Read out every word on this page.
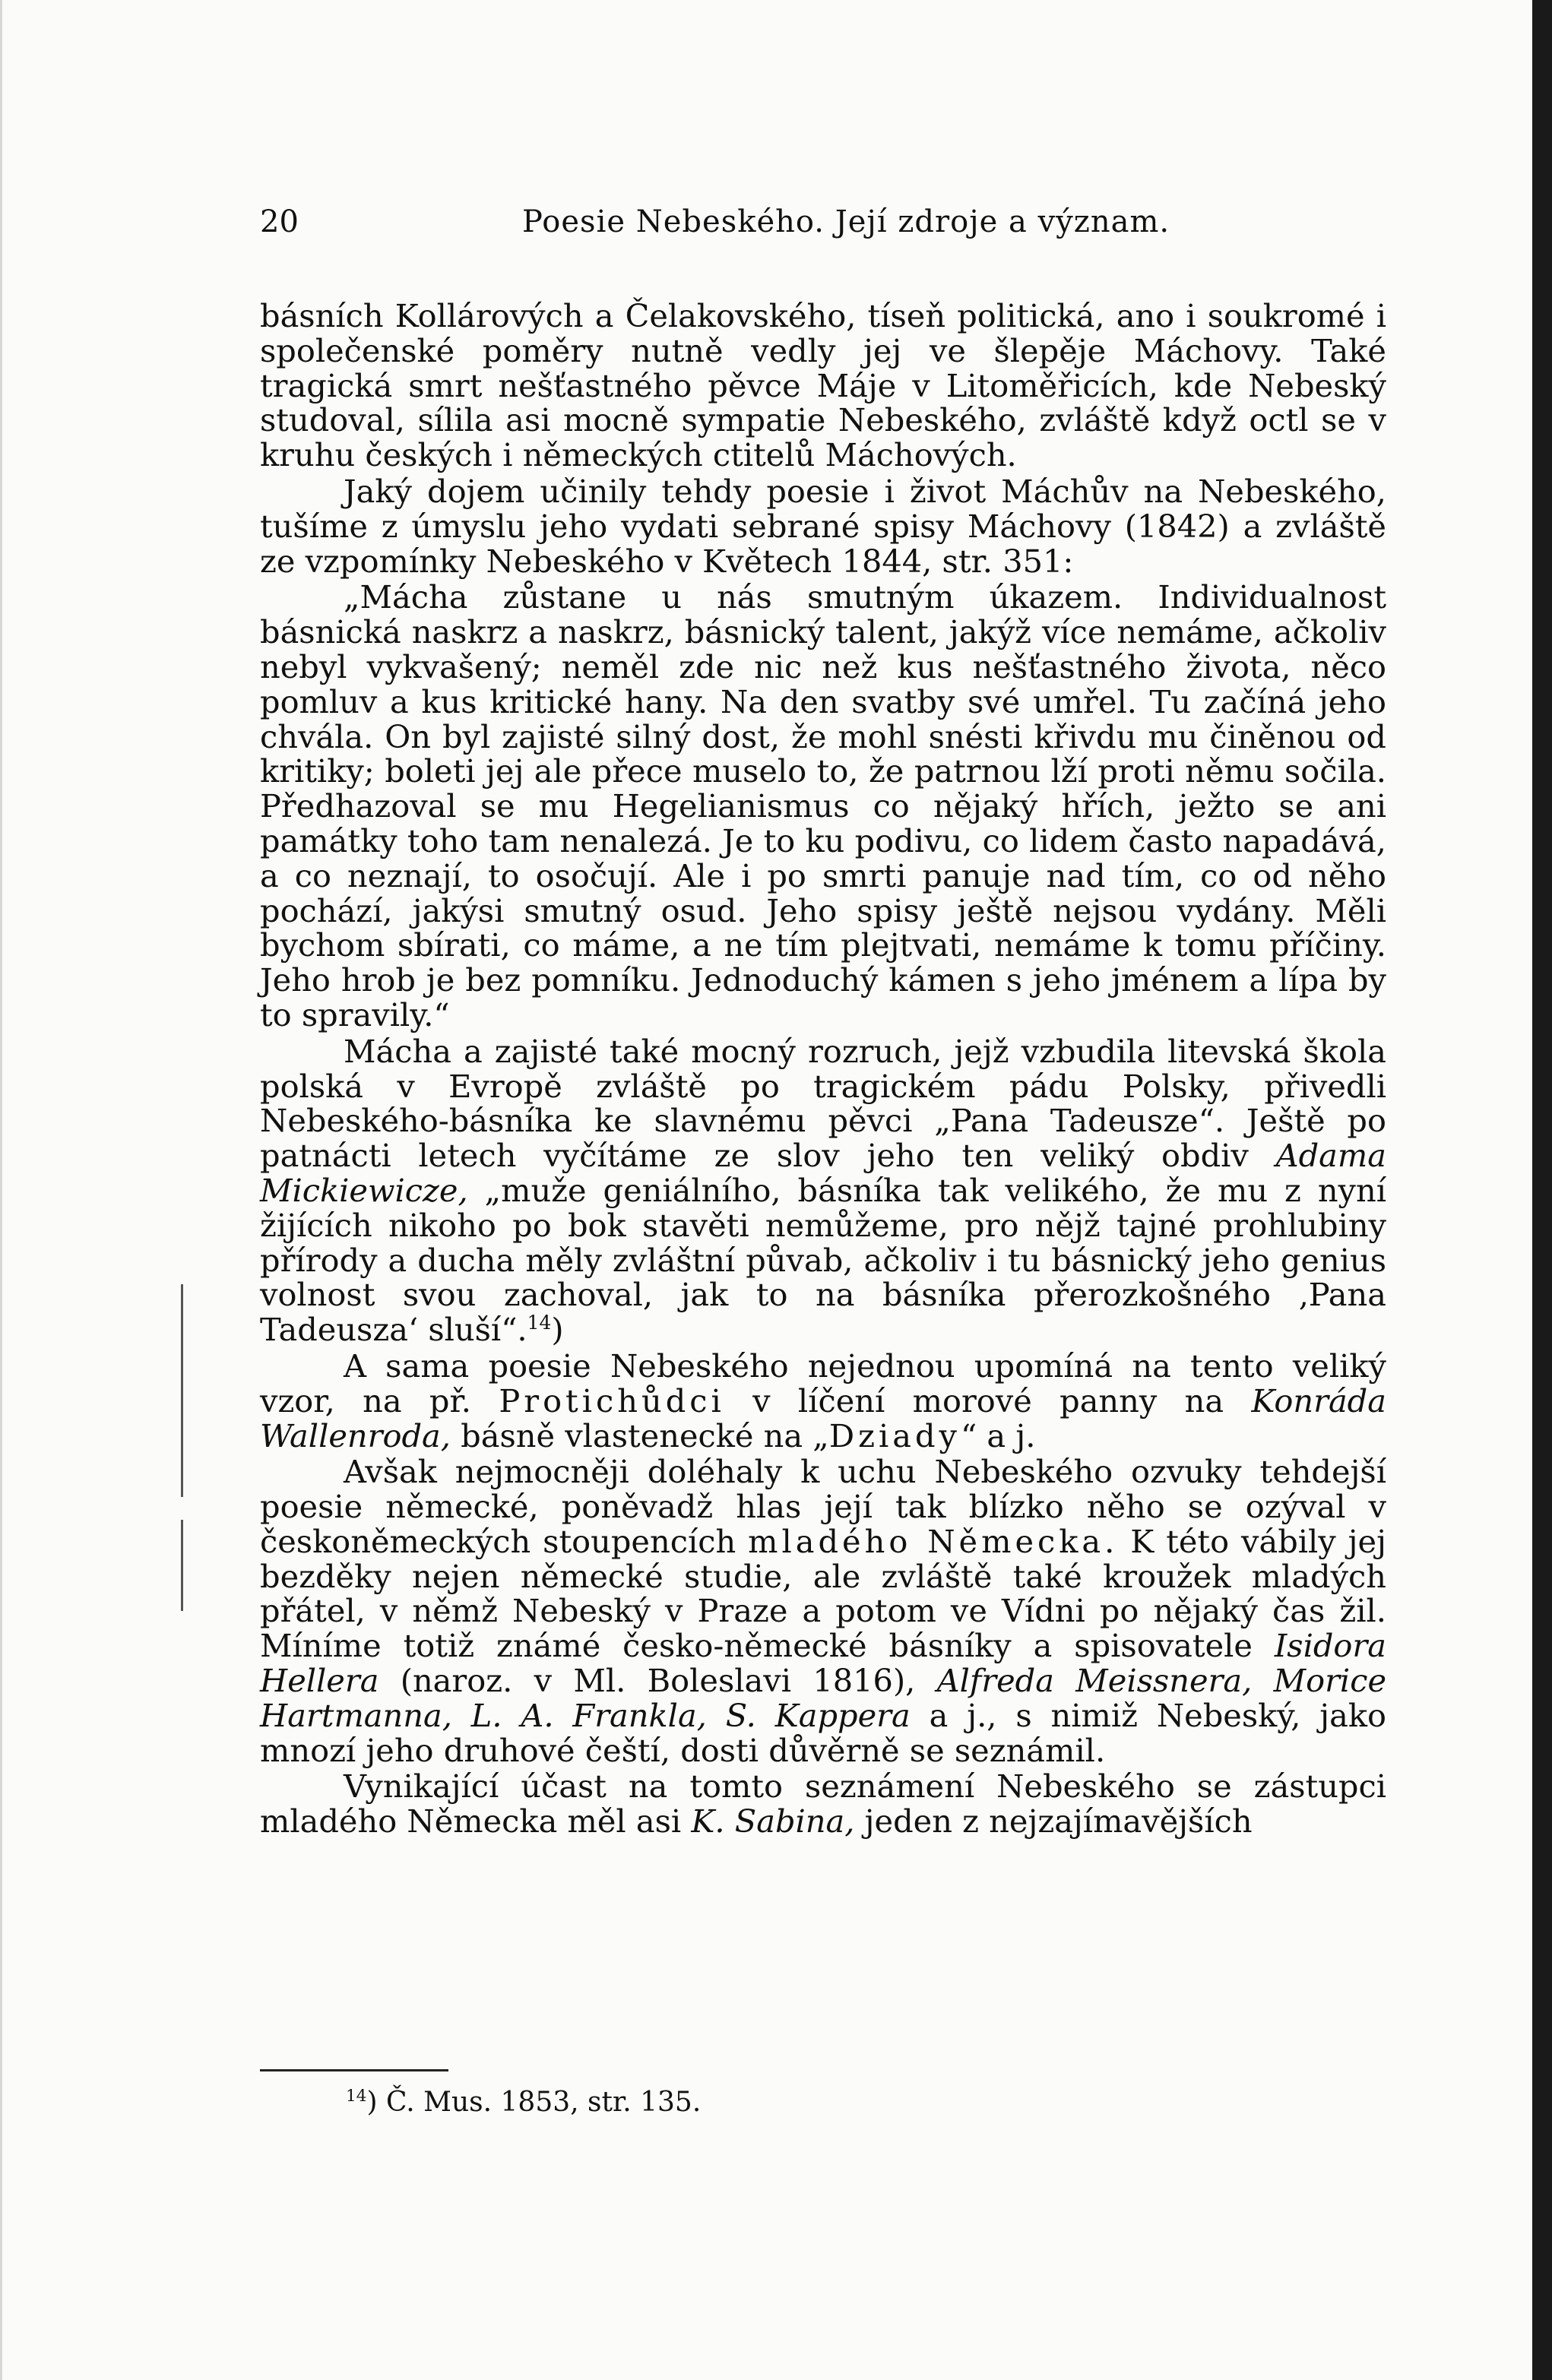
20	Poesie Nebeského. Její zdroje a význam.

básních Kollárových a Čelakovského, tíseň politická, ano i soukromé i společenské poměry nutně vedly jej ve šlepěje Máchovy. Také tragická smrt nešťastného pěvce Máje v Litoměřicích, kde Nebeský studoval, sílila asi mocně sympatie Nebeského, zvláště když octl se v kruhu českých i německých ctitelů Máchových.

Jaký dojem učinily tehdy poesie i život Máchův na Nebeského, tušíme z úmyslu jeho vydati sebrané spisy Máchovy (1842) a zvláště ze vzpomínky Nebeského v Květech 1844, str. 351:

„Mácha zůstane u nás smutným úkazem. Individualnost básnická naskrz a naskrz, básnický talent, jakýž více nemáme, ačkoliv nebyl vykvašený; neměl zde nic než kus nešťastného života, něco pomluv a kus kritické hany. Na den svatby své umřel. Tu začíná jeho chvála. On byl zajisté silný dost, že mohl snésti křivdu mu činěnou od kritiky; boleti jej ale přece muselo to, že patrnou lží proti němu sočila. Předhazoval se mu Hegelianismus co nějaký hřích, ježto se ani památky toho tam nenalezá. Je to ku podivu, co lidem často napadává, a co neznají, to osočují. Ale i po smrti panuje nad tím, co od něho pochází, jakýsi smutný osud. Jeho spisy ještě nejsou vydány. Měli bychom sbírati, co máme, a ne tím plejtvati, nemáme k tomu příčiny. Jeho hrob je bez pomníku. Jednoduchý kámen s jeho jménem a lípa by to spravily.“

Mácha a zajisté také mocný rozruch, jejž vzbudila litevská škola polská v Evropě zvláště po tragickém pádu Polsky, přivedli Nebeského-básníka ke slavnému pěvci „Pana Tadeusze“. Ještě po patnácti letech vyčítáme ze slov jeho ten veliký obdiv Adama Mickiewicze, „muže geniálního, básníka tak velikého, že mu z nyní žijících nikoho po bok stavěti nemůžeme, pro nějž tajné prohlubiny přírody a ducha měly zvláštní půvab, ačkoliv i tu básnický jeho genius volnost svou zachoval, jak to na básníka přerozkošného ‚Pana Tadeusza‘ sluší“.$^{14}$)

A sama poesie Nebeského nejednou upomíná na tento veliký vzor, na př. Protichůdci v líčení morové panny na Konráda Wallenroda, básně vlastenecké na „Dziady“ a j.

Avšak nejmocněji doléhaly k uchu Nebeského ozvuky tehdejší poesie německé, poněvadž hlas její tak blízko něho se ozýval v českoněmeckých stoupencích mladého Německa. K této vábily jej bezděky nejen německé studie, ale zvláště také kroužek mladých přátel, v němž Nebeský v Praze a potom ve Vídni po nějaký čas žil. Míníme totiž známé česko-německé básníky a spisovatele Isidora Hellera (naroz. v Ml. Boleslavi 1816), Alfreda Meissnera, Morice Hartmanna, L. A. Frankla, S. Kappera a j., s nimiž Nebeský, jako mnozí jeho druhové čeští, dosti důvěrně se seznámil.

Vynikající účast na tomto seznámení Nebeského se zástupci mladého Německa měl asi K. Sabina, jeden z nejzajímavějších

$^{14}$) Č. Mus. 1853, str. 135.
